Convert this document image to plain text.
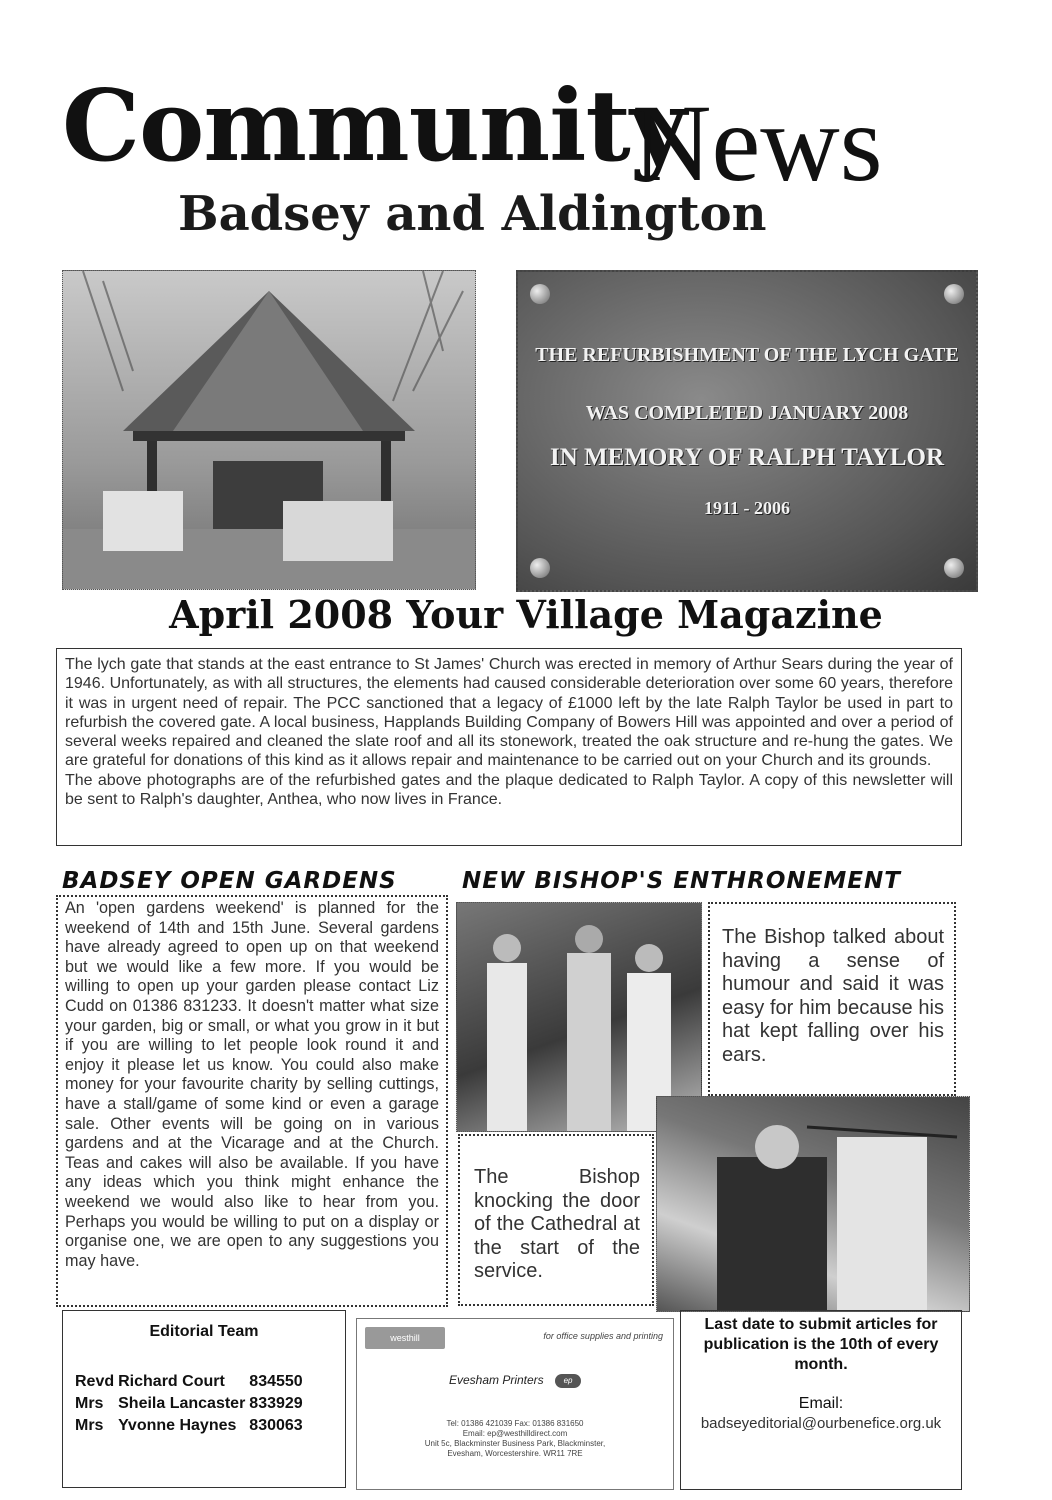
Community
News
Badsey and Aldington
THE REFURBISHMENT OF THE LYCH GATE
WAS COMPLETED JANUARY 2008
IN MEMORY OF RALPH TAYLOR
1911 - 2006
April 2008 Your Village Magazine

The lych gate that stands at the east entrance to St James' Church was erected in memory of Arthur Sears during the year of 1946. Unfortunately, as with all structures, the elements had caused considerable deterioration over some 60 years, therefore it was in urgent need of repair. The PCC sanctioned that a legacy of £1000 left by the late Ralph Taylor be used in part to refurbish the covered gate. A local business, Happlands Building Company of Bowers Hill was appointed and over a period of several weeks repaired and cleaned the slate roof and all its stonework, treated the oak structure and re-hung the gates. We are grateful for donations of this kind as it allows repair and maintenance to be carried out on your Church and its grounds.

The above photographs are of the refurbished gates and the plaque dedicated to Ralph Taylor. A copy of this newsletter will be sent to Ralph's daughter, Anthea, who now lives in France.

BADSEY OPEN GARDENS

An 'open gardens weekend' is planned for the weekend of 14th and 15th June. Several gardens have already agreed to open up on that weekend but we would like a few more. If you would be willing to open up your garden please contact Liz Cudd on 01386 831233. It doesn't matter what size your garden, big or small, or what you grow in it but if you are willing to let people look round it and enjoy it please let us know. You could also make money for your favourite charity by selling cuttings, have a stall/game of some kind or even a garage sale. Other events will be going on in various gardens and at the Vicarage and at the Church. Teas and cakes will also be available. If you have any ideas which you think might enhance the weekend we would also like to hear from you. Perhaps you would be willing to put on a display or organise one, we are open to any suggestions you may have.

NEW BISHOP'S ENTHRONEMENT
The Bishop talked about having a sense of humour and said it was easy for him because his hat kept falling over his ears.
The Bishop knocking the door of the Cathedral at the start of the service.
Editorial Team
Revd	Richard Court	834550
Mrs	Sheila Lancaster	833929
Mrs	Yvonne Haynes	830063
westhill	for office supplies and printing
Evesham Printers ep
Tel: 01386 421039 Fax: 01386 831650
Email: ep@westhilldirect.com
Unit 5c, Blackminster Business Park, Blackminster,
Evesham, Worcestershire. WR11 7RE
Last date to submit articles for publication is the 10th of every month.
Email:
badseyeditorial@ourbenefice.org.uk
